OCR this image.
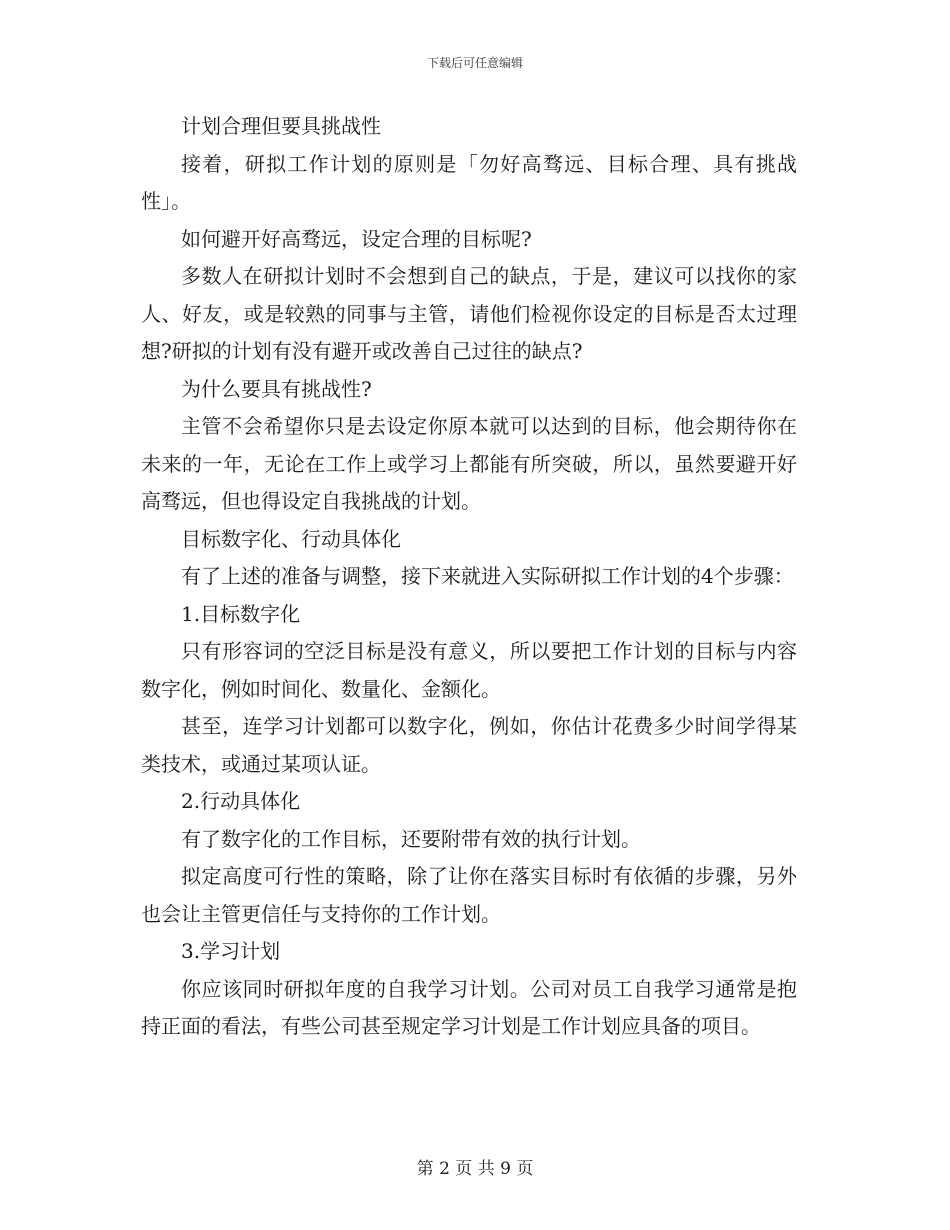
下载后可任意编辑

计划合理但要具挑战性

接着，研拟工作计划的原则是「勿好高骛远、目标合理、具有挑战性」。

如何避开好高骛远，设定合理的目标呢?

多数人在研拟计划时不会想到自己的缺点，于是，建议可以找你的家人、好友，或是较熟的同事与主管，请他们检视你设定的目标是否太过理想?研拟的计划有没有避开或改善自己过往的缺点?

为什么要具有挑战性?

主管不会希望你只是去设定你原本就可以达到的目标，他会期待你在未来的一年，无论在工作上或学习上都能有所突破，所以，虽然要避开好高骛远，但也得设定自我挑战的计划。

目标数字化、行动具体化

有了上述的准备与调整，接下来就进入实际研拟工作计划的4个步骤：

1.目标数字化

只有形容词的空泛目标是没有意义，所以要把工作计划的目标与内容数字化，例如时间化、数量化、金额化。

甚至，连学习计划都可以数字化，例如，你估计花费多少时间学得某类技术，或通过某项认证。

2.行动具体化

有了数字化的工作目标，还要附带有效的执行计划。

拟定高度可行性的策略，除了让你在落实目标时有依循的步骤，另外也会让主管更信任与支持你的工作计划。

3.学习计划

你应该同时研拟年度的自我学习计划。公司对员工自我学习通常是抱持正面的看法，有些公司甚至规定学习计划是工作计划应具备的项目。

第 2 页 共 9 页
